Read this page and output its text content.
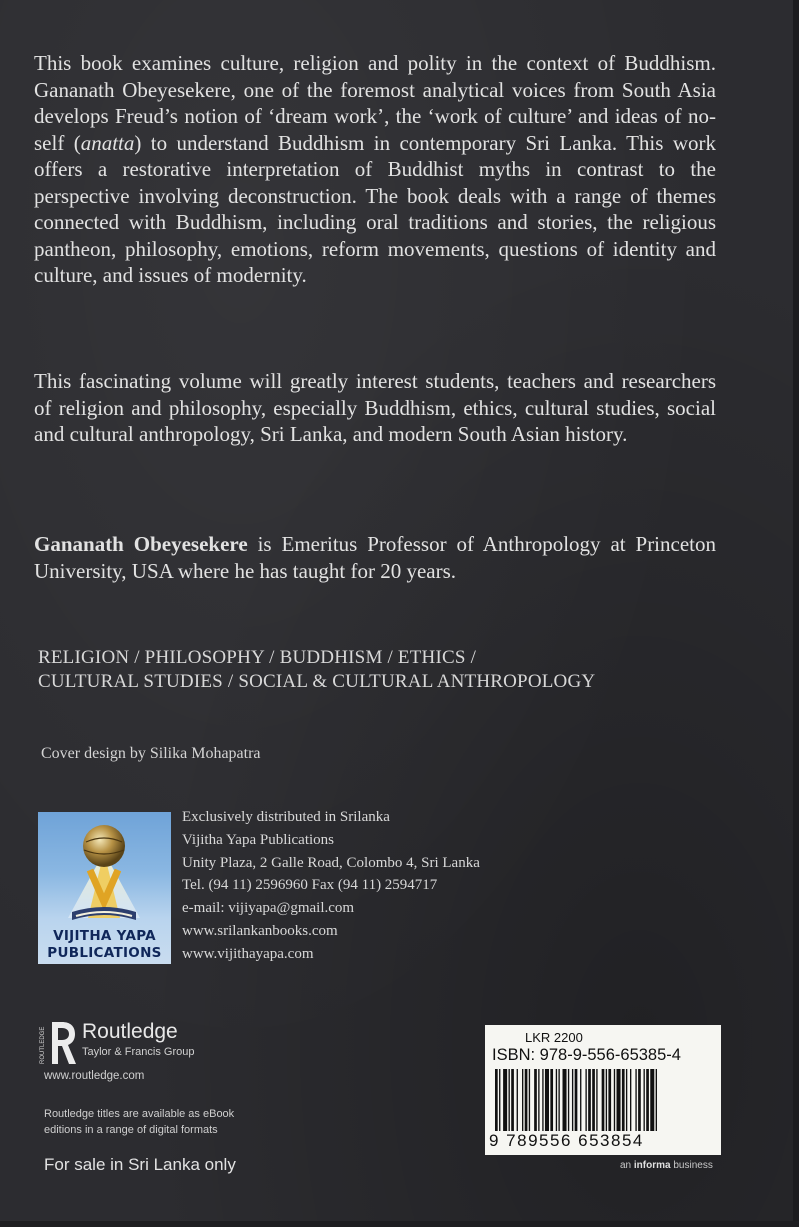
This book examines culture, religion and polity in the context of Buddhism. Gananath Obeyesekere, one of the foremost analytical voices from South Asia develops Freud’s notion of ‘dream work’, the ‘work of culture’ and ideas of no-self (anatta) to understand Buddhism in contemporary Sri Lanka. This work offers a restorative interpretation of Buddhist myths in contrast to the perspective involving deconstruction. The book deals with a range of themes connected with Buddhism, including oral traditions and stories, the religious pantheon, philosophy, emotions, reform movements, questions of identity and culture, and issues of modernity.

This fascinating volume will greatly interest students, teachers and researchers of religion and philosophy, especially Buddhism, ethics, cultural studies, social and cultural anthropology, Sri Lanka, and modern South Asian history.

Gananath Obeyesekere is Emeritus Professor of Anthropology at Princeton University, USA where he has taught for 20 years.

RELIGION / PHILOSOPHY / BUDDHISM / ETHICS /
CULTURAL STUDIES / SOCIAL & CULTURAL ANTHROPOLOGY
Cover design by Silika Mohapatra
VIJITHA YAPA
PUBLICATIONS
Exclusively distributed in Srilanka
Vijitha Yapa Publications
Unity Plaza, 2 Galle Road, Colombo 4, Sri Lanka
Tel. (94 11) 2596960 Fax (94 11) 2594717
e-mail: vijiyapa@gmail.com
www.srilankanbooks.com
www.vijithayapa.com
ROUTLEDGE Routledge
Taylor & Francis Group
www.routledge.com
Routledge titles are available as eBook
editions in a range of digital formats
For sale in Sri Lanka only
LKR 2200
ISBN: 978-9-556-65385-4
9 789556 653854
an informa business
